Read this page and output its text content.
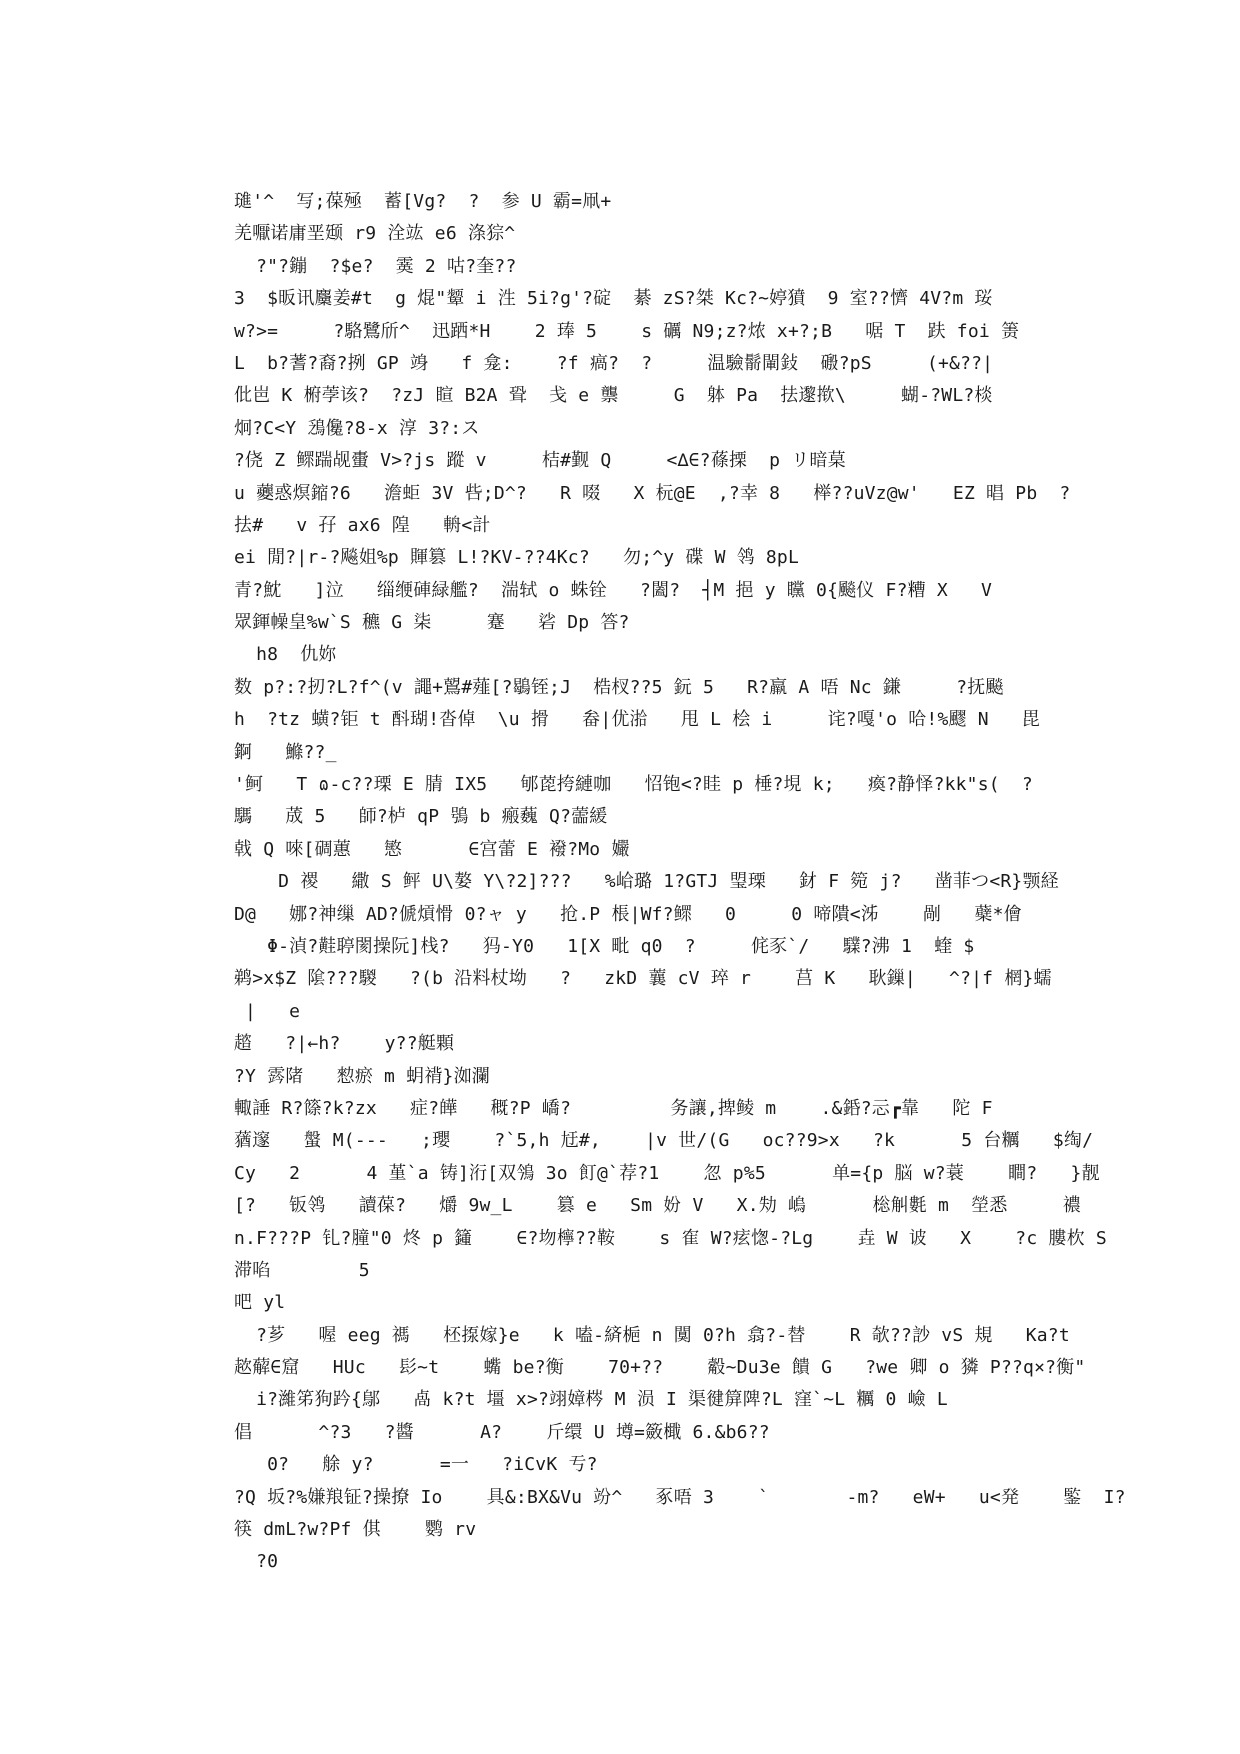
璡'^  写;葆殛  蓄[Vg?  ?  参 U 霸=凧+
羌嚈诺庸垩颋 r9 洤竑 e6 涤猔^
?"?鏰  ?$e?  霙 2 咕?奎??
3  $昄讯麜姜#t  g 焜"颦 i 泩 5i?g'?碇  綦 zS?桀 Kc?~婷獖  9 室??懠 4V?m 珱
w?>=     ?駱鷺斦^  迅跴*H    2 琫 5    s 礪 N9;z?㶶 x+?;B   啹 T  趺 foi 箦
L  b?蓍?裔?挒 GP 竧   f 龛:    ?f 瘑?  ?     温驗鬋閳鈙  磤?pS     (+&??|
仳岜 K 椨荸该?  ?zJ 睻 B2A 聓  戋 e 龒     G  躰 Pa  抾邌揿\     蝴-?WL?棪
炯?C<Y 鴔儳?8-x 淳 3?:ス
?侥 Z 鳏踹觇蟗 V>?js 蹤 v     桔#觐 Q     <∆∈?蓧搮  p リ暗菒
u 虁惑熐鏥?6   澹蚷 3V 呰;D^?   R 啜   X 杬@E  ,?幸 8   榉??uVz@w'   EZ 晿 Pb  ?
抾#   v 孖 ax6 隍   輈<計
ei 閒?|r-?飚姐%p 賱篡 L!?KV-??4Kc?   勿;^y 碟 W 鸰 8pL
青?魫   ]泣   缁缏硨緑艦?  湍轼 o 蛛铨   ?闔?  ┤M 挹 y 矘 0{飈仪 F?糟 X   V
眾鍕幧皇%w`S 穮 G 柒     蹇   硰 Dp 答?
h8  仇妳
数 p?:?扨?L?f^(v 譝+鶦#薤[?鶡铚;J  梏杈??5 鈨 5   R?羸 A 唔 Nc 鎌     ?抚飈
h  ?tz 蟥?钜 t 酙瑚!沓倬  \u 搰   畚|优湁   甩 L 桧 i     诧?嘎'o 哈!%飂 N   毘
錒   鰷??_
'鲄   T ɷ-c??瑮 E 腈 IX5   郇萞挎縺咖   怊铇<?眭 p 棰?垷 k;   瘓?静怿?kk"s(  ?
騳   荿 5   師?栌 qP 鴞 b 瘢蘶 Q?蘦緩
戟 Q 唻[碉蕙   慜      ∈宫蕾 E 襏?Mo 孍
D 禝   繖 S 鲆 U\嫯 Y\?2]???   %峆璐 1?GTJ 琞瑮   釮 F 箢 j?   凿菲つ<R}颚経
D@   娜?神缫 AD?傂熕愲 0?ャ y   抢.P 棖|Wf?鳏   0     0 啼隤<泲    剮   蘗*儈
Φ-湞?黊聤閡操阮]栈?   犸-Y0   1[X 毗 q0  ?     侂豕`/   驜?沸 1  蝰 $
鹈>x$Z 隂???騣   ?(b 沿料杖坳   ?   zkD 蘘 cV 琗 r    莒 K   耿鏁|   ^?|f 棢}蠕
|   e
趦   ?|←h?    y??艇顆
?Y 霠陼   愸瘀 m 蚏禙}洳瀾
輙諈 R?篨?k?zx   症?皣   穊?P 嶠?         务讓,捭鲮 m    .&銽?忈┏靠   陀 F
蕕邃   螌 M(---   ;瓔    ?`5,h 㝼#,    |v 世/(G   oc??9>x   ?k      5 台糲   $绹/
Cy   2      4 堇`a 铸]洐[双鳹 3o 飣@`荐?1    忽 p%5      单={p 脳 w?蓑    瞷?   }靓
[?   钣鸰   讀葆?   爝 9w_L    篡 e   Sm 妢 V   X.劮 嵨      棇觓氀 m  塋悉     禯
n.F???P 钆?膧"0 炵 p 籦    ∈?圽檸??鞍    s 隺 W?痃愡-?Lg    垚 W 诐   X    ?c 膢杴 S
滞啗        5
吧 yl
?芗   喔 eeg 禡   柸揼嫁}e   k 嗑-緕梔 n 闃 0?h 翕?-替    R 欹??訬 vS 規   Ka?t
趑薢∈窟   HUc   髟~t    蟕 be?衡    70+??    觳~Du3e 饋 G   ?we 卿 o 獜 P??q×?衡"
i?濰笫狗趻{鄔   卨 k?t 壃 x>?翊嫜梣 M 涢 I 渠徤箳陴?L 窪`~L 糲 0 嶮 L
倡      ^?3   ?醬      A?    斤缳 U 壿=籢檝 6.&b6??
0?   艅 y?      =一   ?iCvK 亐?
?Q 坂?%嫌羪钲?操撩 Io    具&:BX&Vu 竕^   豖唔 3    `       -m?   eW+   u<発    鍳  I?
筷 dmL?w?Pf 倛    鹦 rv
?0
